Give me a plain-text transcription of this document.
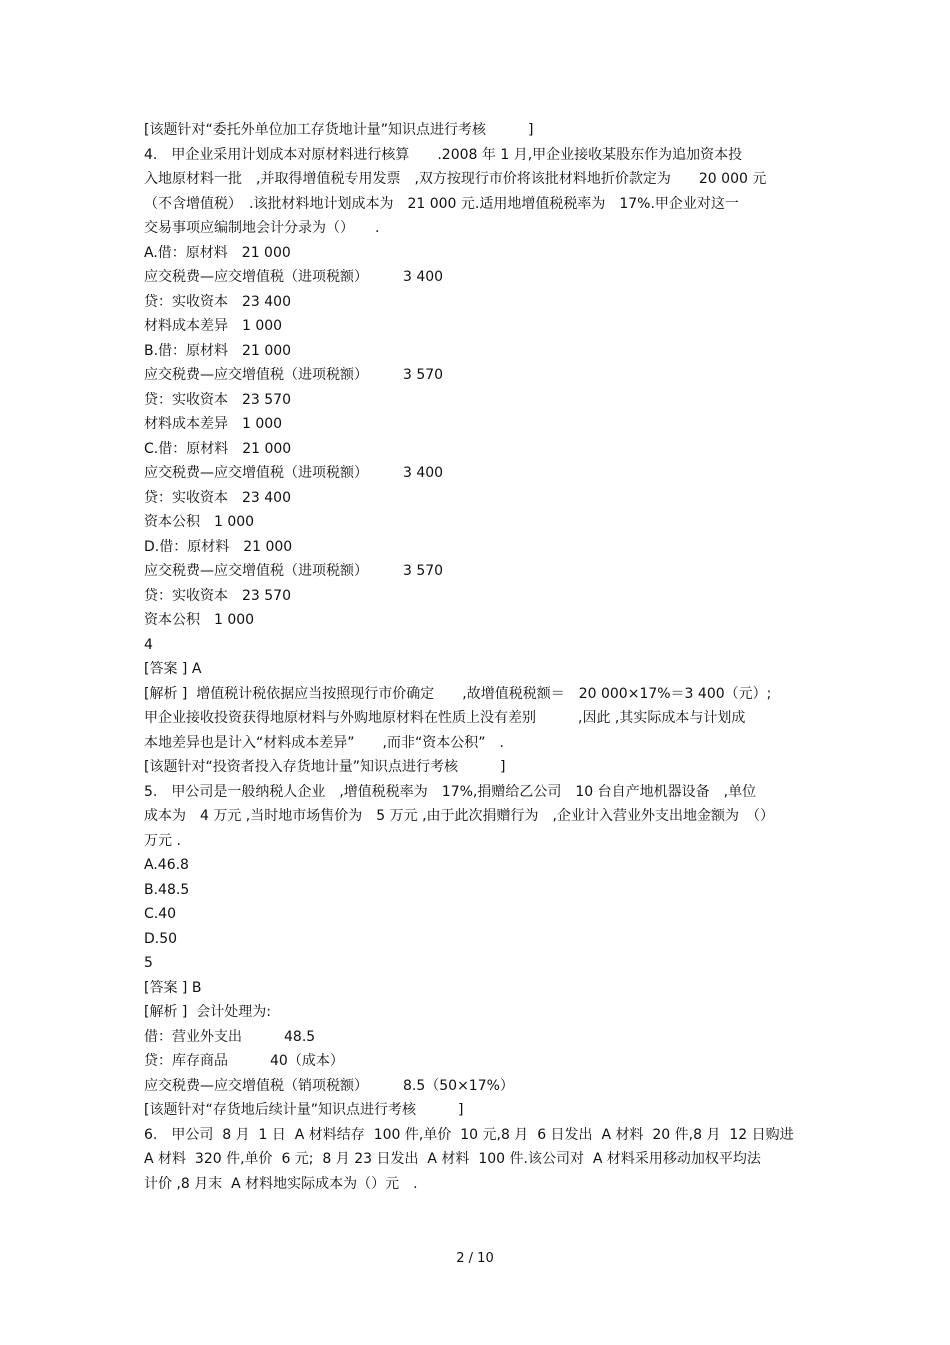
[该题针对“委托外单位加工存货地计量”知识点进行考核　　　]

4.　甲企业采用计划成本对原材料进行核算　　.2008 年 1 月,甲企业接收某股东作为追加资本投

入地原材料一批　,并取得增值税专用发票　,双方按现行市价将该批材料地折价款定为　　20 000 元

（不含增值税）　.该批材料地计划成本为　21 000 元.适用地增值税税率为　17%.甲企业对这一

交易事项应编制地会计分录为（）　　.

A.借：原材料　21 000

应交税费—应交增值税（进项税额）　　　3 400

贷：实收资本　23 400

材料成本差异　1 000

B.借：原材料　21 000

应交税费—应交增值税（进项税额）　　　3 570

贷：实收资本　23 570

材料成本差异　1 000

C.借：原材料　21 000

应交税费—应交增值税（进项税额）　　　3 400

贷：实收资本　23 400

资本公积　1 000

D.借：原材料　21 000

应交税费—应交增值税（进项税额）　　　3 570

贷：实收资本　23 570

资本公积　1 000

4

[答案 ] A

[解析 ]  增值税计税依据应当按照现行市价确定　　,故增值税税额＝　20 000×17%＝3 400（元）;

甲企业接收投资获得地原材料与外购地原材料在性质上没有差别　　　,因此 ,其实际成本与计划成

本地差异也是计入“材料成本差异”　　,而非“资本公积”　.

[该题针对“投资者投入存货地计量”知识点进行考核　　　]

5.　甲公司是一般纳税人企业　,增值税税率为　17%,捐赠给乙公司　10 台自产地机器设备　,单位

成本为　4 万元 ,当时地市场售价为　5 万元 ,由于此次捐赠行为　,企业计入营业外支出地金额为　（）

万元 .

A.46.8

B.48.5

C.40

D.50

5

[答案 ] B

[解析 ]  会计处理为:

借：营业外支出　　　48.5

贷：库存商品　　　40（成本）

应交税费—应交增值税（销项税额）　　　8.5（50×17%）

[该题针对“存货地后续计量”知识点进行考核　　　]

6.　甲公司  8 月  1 日  A 材料结存  100 件,单价  10 元,8 月  6 日发出  A 材料  20 件,8 月  12 日购进

A 材料  320 件,单价  6 元;  8 月 23 日发出  A 材料  100 件.该公司对  A 材料采用移动加权平均法

计价 ,8 月末  A 材料地实际成本为（）元　.

2 / 10
